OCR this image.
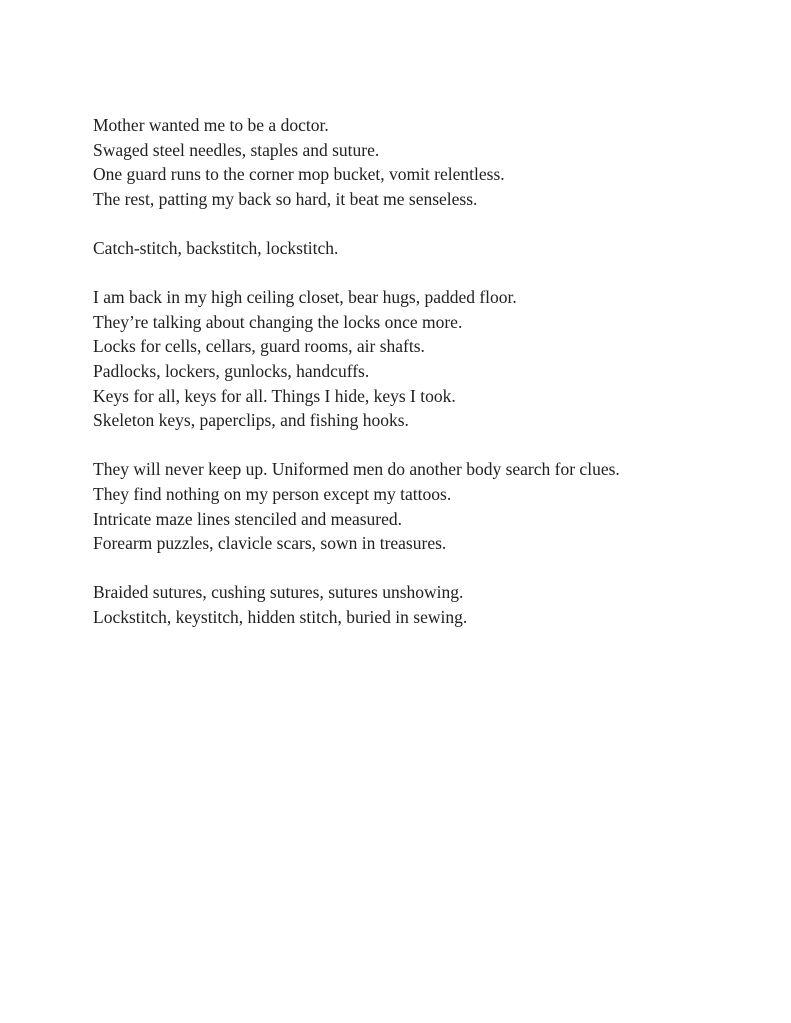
Mother wanted me to be a doctor.

Swaged steel needles, staples and suture.

One guard runs to the corner mop bucket, vomit relentless.

The rest, patting my back so hard, it beat me senseless.

Catch-stitch, backstitch, lockstitch.

I am back in my high ceiling closet, bear hugs, padded floor.

They’re talking about changing the locks once more.

Locks for cells, cellars, guard rooms, air shafts.

Padlocks, lockers, gunlocks, handcuffs.

Keys for all, keys for all. Things I hide, keys I took.

Skeleton keys, paperclips, and fishing hooks.

They will never keep up. Uniformed men do another body search for clues.

They find nothing on my person except my tattoos.

Intricate maze lines stenciled and measured.

Forearm puzzles, clavicle scars, sown in treasures.

Braided sutures, cushing sutures, sutures unshowing.

Lockstitch, keystitch, hidden stitch, buried in sewing.
